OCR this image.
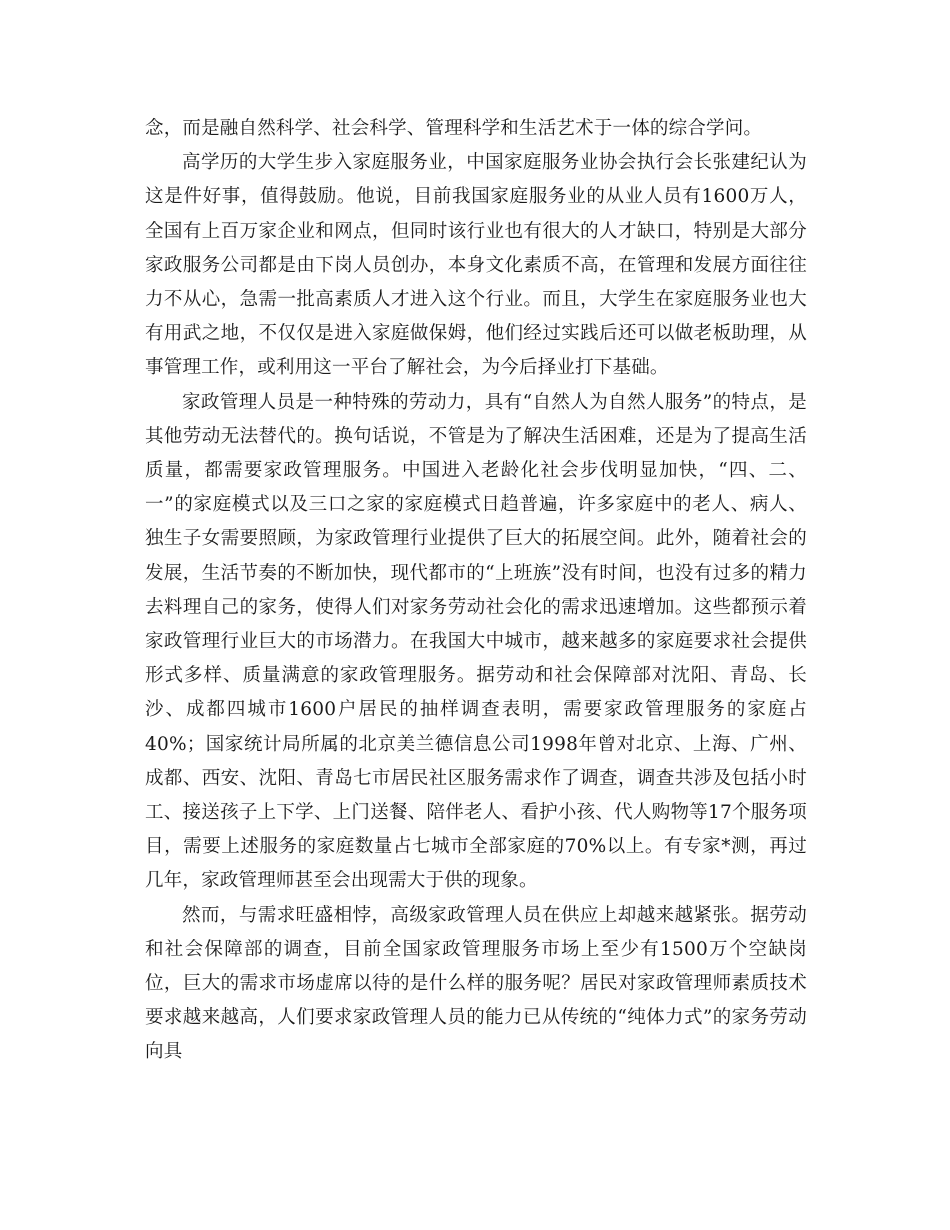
念，而是融自然科学、社会科学、管理科学和生活艺术于一体的综合学问。

高学历的大学生步入家庭服务业，中国家庭服务业协会执行会长张建纪认为这是件好事，值得鼓励。他说，目前我国家庭服务业的从业人员有1600万人，全国有上百万家企业和网点，但同时该行业也有很大的人才缺口，特别是大部分家政服务公司都是由下岗人员创办，本身文化素质不高，在管理和发展方面往往力不从心，急需一批高素质人才进入这个行业。而且，大学生在家庭服务业也大有用武之地，不仅仅是进入家庭做保姆，他们经过实践后还可以做老板助理，从事管理工作，或利用这一平台了解社会，为今后择业打下基础。

家政管理人员是一种特殊的劳动力，具有“自然人为自然人服务”的特点，是其他劳动无法替代的。换句话说，不管是为了解决生活困难，还是为了提高生活质量，都需要家政管理服务。中国进入老龄化社会步伐明显加快，“四、二、一”的家庭模式以及三口之家的家庭模式日趋普遍，许多家庭中的老人、病人、独生子女需要照顾，为家政管理行业提供了巨大的拓展空间。此外，随着社会的发展，生活节奏的不断加快，现代都市的“上班族”没有时间，也没有过多的精力去料理自己的家务，使得人们对家务劳动社会化的需求迅速增加。这些都预示着家政管理行业巨大的市场潜力。在我国大中城市，越来越多的家庭要求社会提供形式多样、质量满意的家政管理服务。据劳动和社会保障部对沈阳、青岛、长沙、成都四城市1600户居民的抽样调查表明，需要家政管理服务的家庭占40%；国家统计局所属的北京美兰德信息公司1998年曾对北京、上海、广州、成都、西安、沈阳、青岛七市居民社区服务需求作了调查，调查共涉及包括小时工、接送孩子上下学、上门送餐、陪伴老人、看护小孩、代人购物等17个服务项目，需要上述服务的家庭数量占七城市全部家庭的70%以上。有专家*测，再过几年，家政管理师甚至会出现需大于供的现象。

然而，与需求旺盛相悖，高级家政管理人员在供应上却越来越紧张。据劳动和社会保障部的调查，目前全国家政管理服务市场上至少有1500万个空缺岗位，巨大的需求市场虚席以待的是什么样的服务呢？居民对家政管理师素质技术要求越来越高，人们要求家政管理人员的能力已从传统的“纯体力式”的家务劳动向具
